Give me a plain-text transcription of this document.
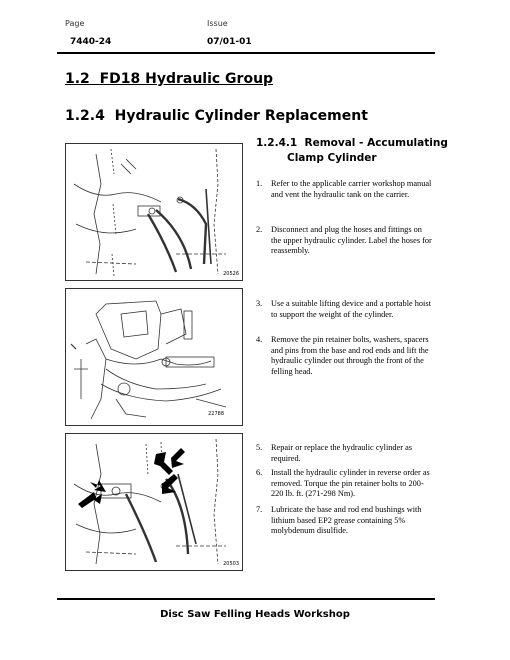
Page	Issue
7440-24	07/01-01
1.2 FD18 Hydraulic Group
1.2.4 Hydraulic Cylinder Replacement
1.2.4.1 Removal - Accumulating
Clamp Cylinder
20526
22788
20503
1. Refer to the applicable carrier workshop manual and vent the hydraulic tank on the carrier.
2. Disconnect and plug the hoses and fittings on the upper hydraulic cylinder. Label the hoses for reassembly.
3. Use a suitable lifting device and a portable hoist to support the weight of the cylinder.
4. Remove the pin retainer bolts, washers, spacers and pins from the base and rod ends and lift the hydraulic cylinder out through the front of the felling head.
5. Repair or replace the hydraulic cylinder as required.
6. Install the hydraulic cylinder in reverse order as removed. Torque the pin retainer bolts to 200-220 lb. ft. (271-298 Nm).
7. Lubricate the base and rod end bushings with lithium based EP2 grease containing 5% molybdenum disulfide.
Disc Saw Felling Heads Workshop
